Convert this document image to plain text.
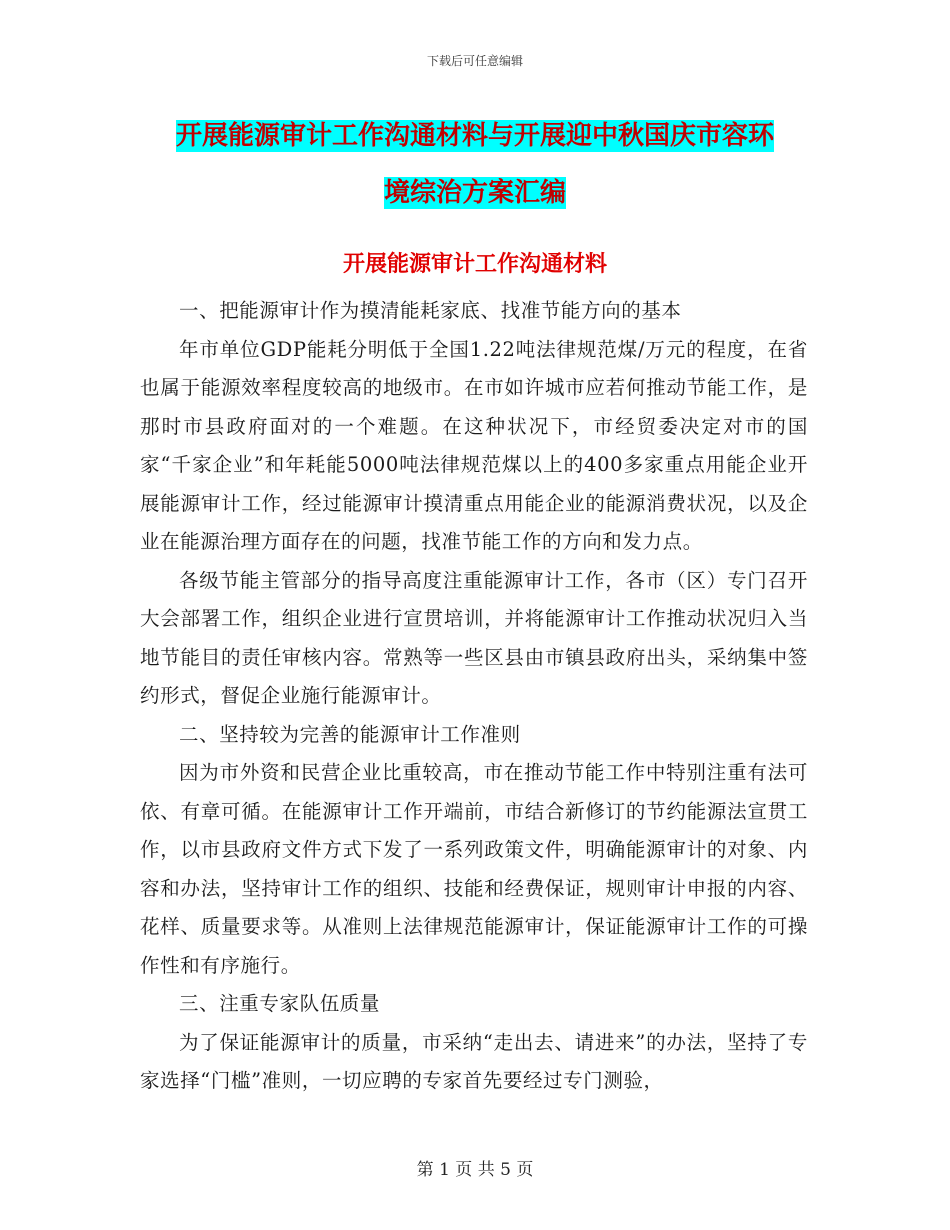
下载后可任意编辑
开展能源审计工作沟通材料与开展迎中秋国庆市容环
境综治方案汇编
开展能源审计工作沟通材料

一、把能源审计作为摸清能耗家底、找准节能方向的基本

年市单位GDP能耗分明低于全国1.22吨法律规范煤/万元的程度，在省也属于能源效率程度较高的地级市。在市如许城市应若何推动节能工作，是那时市县政府面对的一个难题。在这种状况下，市经贸委决定对市的国家“千家企业”和年耗能5000吨法律规范煤以上的400多家重点用能企业开展能源审计工作，经过能源审计摸清重点用能企业的能源消费状况，以及企业在能源治理方面存在的问题，找准节能工作的方向和发力点。

各级节能主管部分的指导高度注重能源审计工作，各市（区）专门召开大会部署工作，组织企业进行宣贯培训，并将能源审计工作推动状况归入当地节能目的责任审核内容。常熟等一些区县由市镇县政府出头，采纳集中签约形式，督促企业施行能源审计。

二、坚持较为完善的能源审计工作准则

因为市外资和民营企业比重较高，市在推动节能工作中特别注重有法可依、有章可循。在能源审计工作开端前，市结合新修订的节约能源法宣贯工作，以市县政府文件方式下发了一系列政策文件，明确能源审计的对象、内容和办法，坚持审计工作的组织、技能和经费保证，规则审计申报的内容、花样、质量要求等。从准则上法律规范能源审计，保证能源审计工作的可操作性和有序施行。

三、注重专家队伍质量

为了保证能源审计的质量，市采纳“走出去、请进来”的办法，坚持了专家选择“门槛”准则，一切应聘的专家首先要经过专门测验，

第 1 页 共 5 页
